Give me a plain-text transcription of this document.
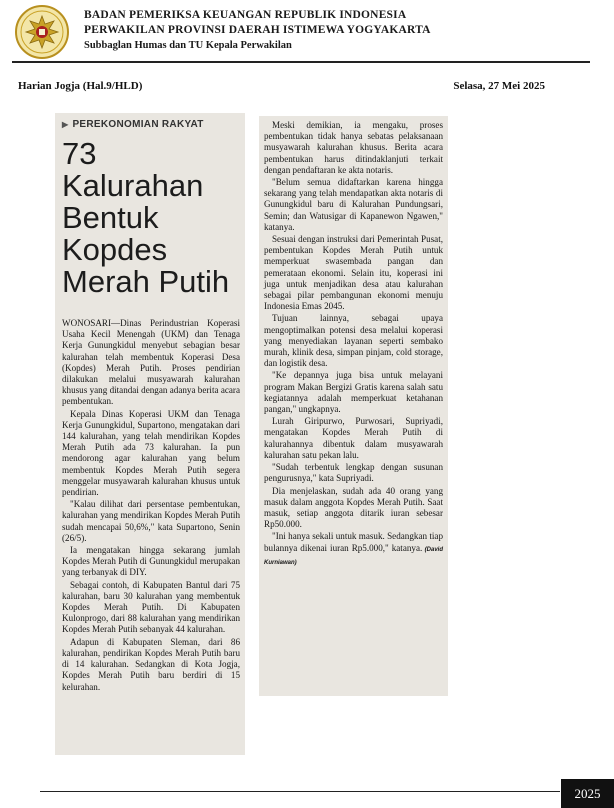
BADAN PEMERIKSA KEUANGAN REPUBLIK INDONESIA
PERWAKILAN PROVINSI DAERAH ISTIMEWA YOGYAKARTA
Subbaglan Humas dan TU Kepala Perwakilan
Harian Jogja (Hal.9/HLD)	Selasa, 27 Mei 2025
▶ PEREKONOMIAN RAKYAT
73 Kalurahan Bentuk Kopdes Merah Putih

WONOSARI—Dinas Perindustrian Koperasi Usaha Kecil Menengah (UKM) dan Tenaga Kerja Gunungkidul menyebut sebagian besar kalurahan telah membentuk Koperasi Desa (Kopdes) Merah Putih. Proses pendirian dilakukan melalui musyawarah kalurahan khusus yang ditandai dengan adanya berita acara pembentukan.

Kepala Dinas Koperasi UKM dan Tenaga Kerja Gunungkidul, Supartono, mengatakan dari 144 kalurahan, yang telah mendirikan Kopdes Merah Putih ada 73 kalurahan. Ia pun mendorong agar kalurahan yang belum membentuk Kopdes Merah Putih segera menggelar musyawarah kalurahan khusus untuk pendirian.

"Kalau dilihat dari persentase pembentukan, kalurahan yang mendirikan Kopdes Merah Putih sudah mencapai 50,6%," kata Supartono, Senin (26/5).

Ia mengatakan hingga sekarang jumlah Kopdes Merah Putih di Gunungkidul merupakan yang terbanyak di DIY.

Sebagai contoh, di Kabupaten Bantul dari 75 kalurahan, baru 30 kalurahan yang membentuk Kopdes Merah Putih. Di Kabupaten Kulonprogo, dari 88 kalurahan yang mendirikan Kopdes Merah Putih sebanyak 44 kalurahan.

Adapun di Kabupaten Sleman, dari 86 kalurahan, pendirikan Kopdes Merah Putih baru di 14 kalurahan. Sedangkan di Kota Jogja, Kopdes Merah Putih baru berdiri di 15 kelurahan.

Meski demikian, ia mengaku, proses pembentukan tidak hanya sebatas pelaksanaan musyawarah kalurahan khusus. Berita acara pembentukan harus ditindaklanjuti terkait dengan pendaftaran ke akta notaris.

"Belum semua didaftarkan karena hingga sekarang yang telah mendapatkan akta notaris di Gunungkidul baru di Kalurahan Pundungsari, Semin; dan Watusigar di Kapanewon Ngawen," katanya.

Sesuai dengan instruksi dari Pemerintah Pusat, pembentukan Kopdes Merah Putih untuk memperkuat swasembada pangan dan pemerataan ekonomi. Selain itu, koperasi ini juga untuk menjadikan desa atau kalurahan sebagai pilar pembangunan ekonomi menuju Indonesia Emas 2045.

Tujuan lainnya, sebagai upaya mengoptimalkan potensi desa melalui koperasi yang menyediakan layanan seperti sembako murah, klinik desa, simpan pinjam, cold storage, dan logistik desa.

"Ke depannya juga bisa untuk melayani program Makan Bergizi Gratis karena salah satu kegiatannya adalah memperkuat ketahanan pangan," ungkapnya.

Lurah Giripurwo, Purwosari, Supriyadi, mengatakan Kopdes Merah Putih di kalurahannya dibentuk dalam musyawarah kalurahan satu pekan lalu.

"Sudah terbentuk lengkap dengan susunan pengurusnya," kata Supriyadi.

Dia menjelaskan, sudah ada 40 orang yang masuk dalam anggota Kopdes Merah Putih. Saat masuk, setiap anggota ditarik iuran sebesar Rp50.000.

"Ini hanya sekali untuk masuk. Sedangkan tiap bulannya dikenai iuran Rp5.000," katanya. (David Kurniawan)

2025
